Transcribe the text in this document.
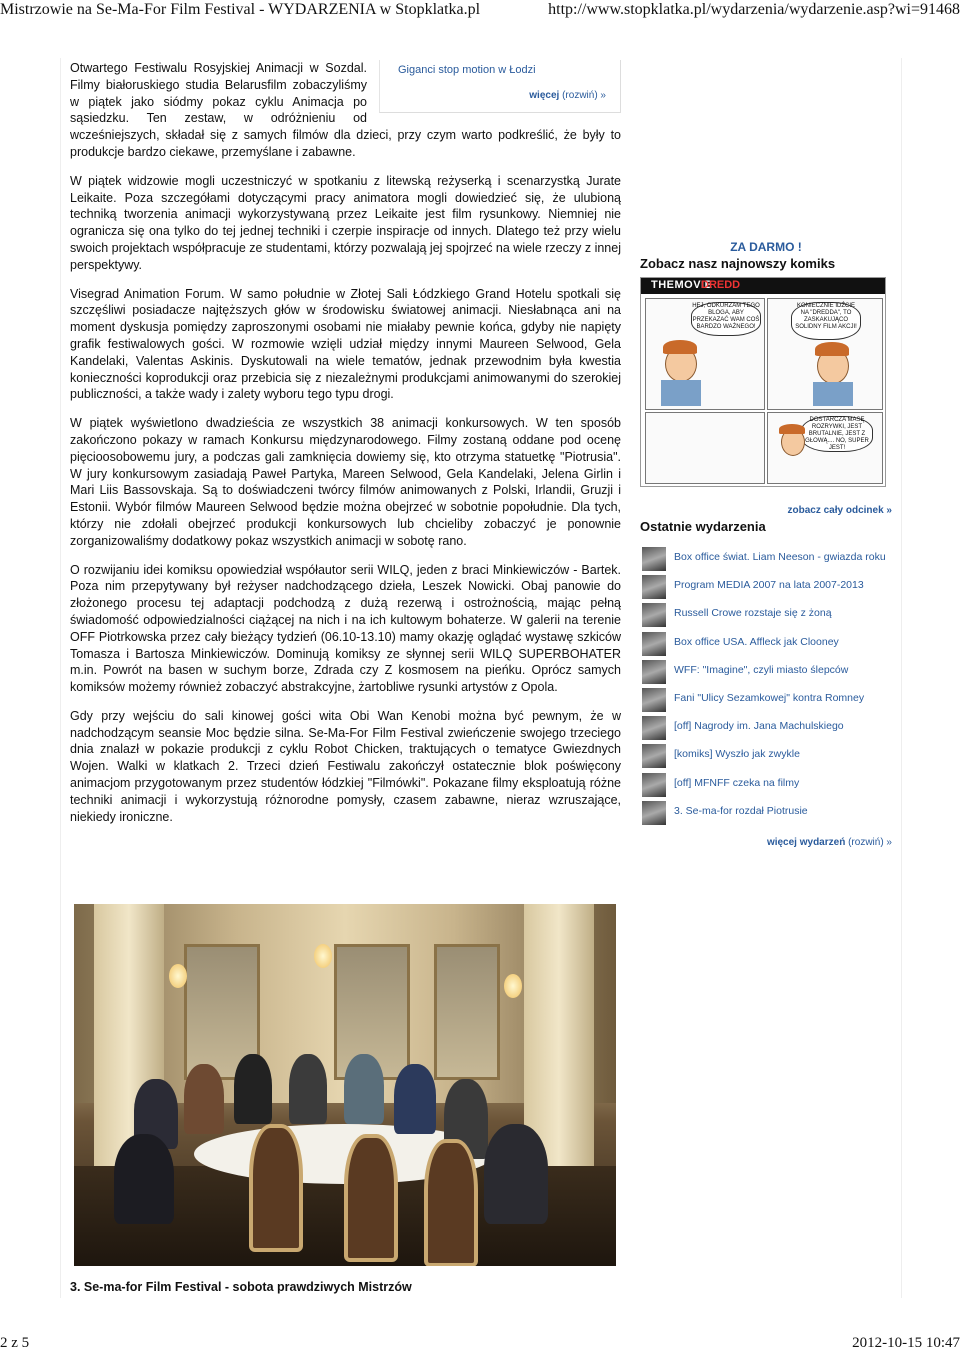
Mistrzowie na Se-Ma-For Film Festival - WYDARZENIA w Stopklatka.pl	http://www.stopklatka.pl/wydarzenia/wydarzenie.asp?wi=91468
Giganci stop motion w Łodzi
więcej (rozwiń) »

Otwartego Festiwalu Rosyjskiej Animacji w Sozdal. Filmy białoruskiego studia Belarusfilm zobaczyliśmy w piątek jako siódmy pokaz cyklu Animacja po sąsiedzku. Ten zestaw, w odróżnieniu od wcześniejszych, składał się z samych filmów dla dzieci, przy czym warto podkreślić, że były to produkcje bardzo ciekawe, przemyślane i zabawne.

W piątek widzowie mogli uczestniczyć w spotkaniu z litewską reżyserką i scenarzystką Jurate Leikaite. Poza szczegółami dotyczącymi pracy animatora mogli dowiedzieć się, że ulubioną techniką tworzenia animacji wykorzystywaną przez Leikaite jest film rysunkowy. Niemniej nie ogranicza się ona tylko do tej jednej techniki i czerpie inspiracje od innych. Dlatego też przy wielu swoich projektach współpracuje ze studentami, którzy pozwalają jej spojrzeć na wiele rzeczy z innej perspektywy.

Visegrad Animation Forum. W samo południe w Złotej Sali Łódzkiego Grand Hotelu spotkali się szczęśliwi posiadacze najtęższych głów w środowisku światowej animacji. Niesłabnąca ani na moment dyskusja pomiędzy zaproszonymi osobami nie miałaby pewnie końca, gdyby nie napięty grafik festiwalowych gości. W rozmowie wzięli udział między innymi Maureen Selwood, Gela Kandelaki, Valentas Askinis. Dyskutowali na wiele tematów, jednak przewodnim była kwestia konieczności koprodukcji oraz przebicia się z niezależnymi produkcjami animowanymi do szerokiej publiczności, a także wady i zalety wyboru tego typu drogi.

W piątek wyświetlono dwadzieścia ze wszystkich 38 animacji konkursowych. W ten sposób zakończono pokazy w ramach Konkursu międzynarodowego. Filmy zostaną oddane pod ocenę pięcioosobowemu jury, a podczas gali zamknięcia dowiemy się, kto otrzyma statuetkę "Piotrusia". W jury konkursowym zasiadają Paweł Partyka, Mareen Selwood, Gela Kandelaki, Jelena Girlin i Mari Liis Bassovskaja. Są to doświadczeni twórcy filmów animowanych z Polski, Irlandii, Gruzji i Estonii. Wybór filmów Maureen Selwood będzie można obejrzeć w sobotnie popołudnie. Dla tych, którzy nie zdołali obejrzeć produkcji konkursowych lub chcieliby zobaczyć je ponownie zorganizowaliśmy dodatkowy pokaz wszystkich animacji w sobotę rano.

O rozwijaniu idei komiksu opowiedział współautor serii WILQ, jeden z braci Minkiewiczów - Bartek. Poza nim przepytywany był reżyser nadchodzącego dzieła, Leszek Nowicki. Obaj panowie do złożonego procesu tej adaptacji podchodzą z dużą rezerwą i ostrożnością, mając pełną świadomość odpowiedzialności ciążącej na nich i na ich kultowym bohaterze. W galerii na terenie OFF Piotrkowska przez cały bieżący tydzień (06.10-13.10) mamy okazję oglądać wystawę szkiców Tomasza i Bartosza Minkiewiczów. Dominują komiksy ze słynnej serii WILQ SUPERBOHATER m.in. Powrót na basen w suchym borze, Zdrada czy Z kosmosem na pieńku. Oprócz samych komiksów możemy również zobaczyć abstrakcyjne, żartobliwe rysunki artystów z Opola.

Gdy przy wejściu do sali kinowej gości wita Obi Wan Kenobi można być pewnym, że w nadchodzącym seansie Moc będzie silna. Se-Ma-For Film Festival zwieńczenie swojego trzeciego dnia znalazł w pokazie produkcji z cyklu Robot Chicken, traktujących o tematyce Gwiezdnych Wojen. Walki w klatkach 2. Trzeci dzień Festiwalu zakończył ostatecznie blok poświęcony animacjom przygotowanym przez studentów łódzkiej "Filmówki". Pokazane filmy eksploatują różne techniki animacji i wykorzystują różnorodne pomysły, czasem zabawne, nieraz wzruszające, niekiedy ironiczne.

3. Se-ma-for Film Festival - sobota prawdziwych Mistrzów
ZA DARMO !
Zobacz nasz najnowszy komiks
THEMOVIE
DREDD
HEJ, ODKURZAM TEGO BLOGA, ABY PRZEKAZAĆ WAM COŚ BARDZO WAŻNEGO!
KONIECZNIE IDŹCIE NA "DREDDA", TO ZASKAKUJĄCO SOLIDNY FILM AKCJI!
DOSTARCZA MASĘ ROZRYWKI, JEST BRUTALNIE, JEST Z GŁOWĄ.... NO, SUPER JEST!
zobacz cały odcinek »
Ostatnie wydarzenia
Box office świat. Liam Neeson - gwiazda roku
Program MEDIA 2007 na lata 2007-2013
Russell Crowe rozstaje się z żoną
Box office USA. Affleck jak Clooney
WFF: "Imagine", czyli miasto ślepców
Fani "Ulicy Sezamkowej" kontra Romney
[off] Nagrody im. Jana Machulskiego
[komiks] Wyszło jak zwykle
[off] MFNFF czeka na filmy
3. Se-ma-for rozdał Piotrusie
więcej wydarzeń (rozwiń) »
2 z 5	2012-10-15 10:47
